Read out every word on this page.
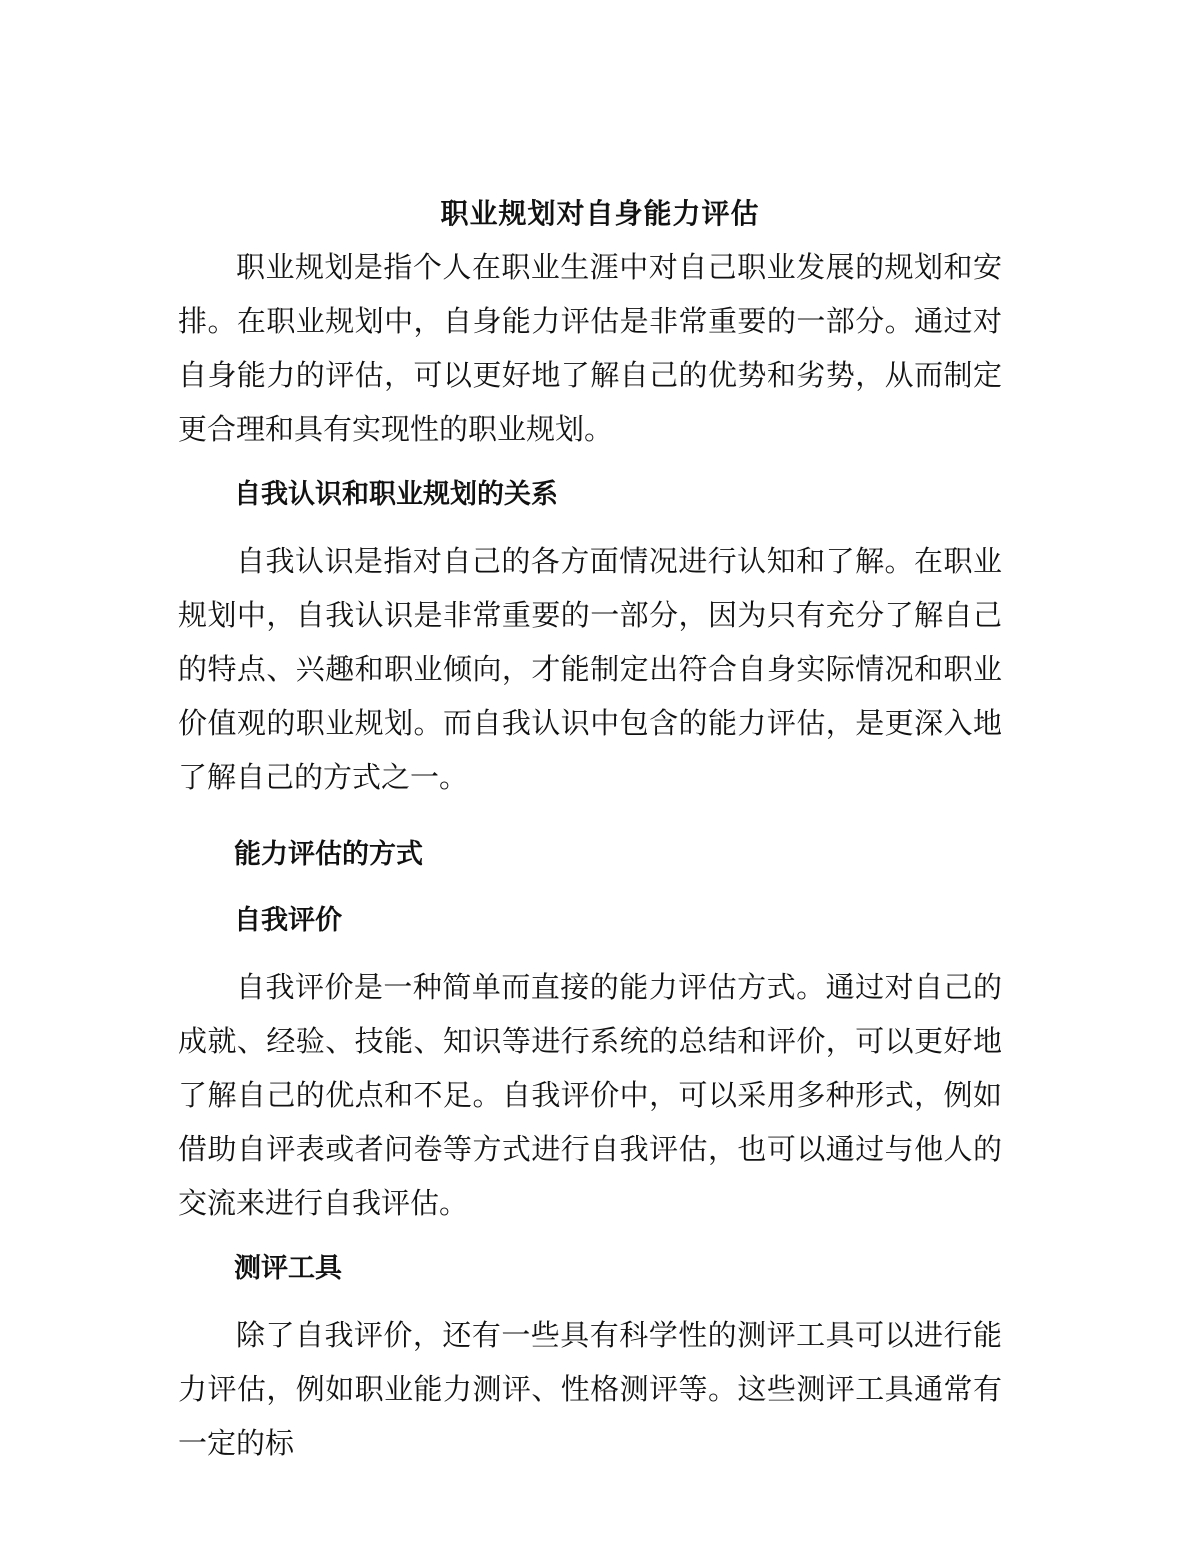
职业规划对自身能力评估

职业规划是指个人在职业生涯中对自己职业发展的规划和安排。在职业规划中，自身能力评估是非常重要的一部分。通过对自身能力的评估，可以更好地了解自己的优势和劣势，从而制定更合理和具有实现性的职业规划。

自我认识和职业规划的关系

自我认识是指对自己的各方面情况进行认知和了解。在职业规划中，自我认识是非常重要的一部分，因为只有充分了解自己的特点、兴趣和职业倾向，才能制定出符合自身实际情况和职业价值观的职业规划。而自我认识中包含的能力评估，是更深入地了解自己的方式之一。

能力评估的方式
自我评价

自我评价是一种简单而直接的能力评估方式。通过对自己的成就、经验、技能、知识等进行系统的总结和评价，可以更好地了解自己的优点和不足。自我评价中，可以采用多种形式，例如借助自评表或者问卷等方式进行自我评估，也可以通过与他人的交流来进行自我评估。

测评工具

除了自我评价，还有一些具有科学性的测评工具可以进行能力评估，例如职业能力测评、性格测评等。这些测评工具通常有一定的标
